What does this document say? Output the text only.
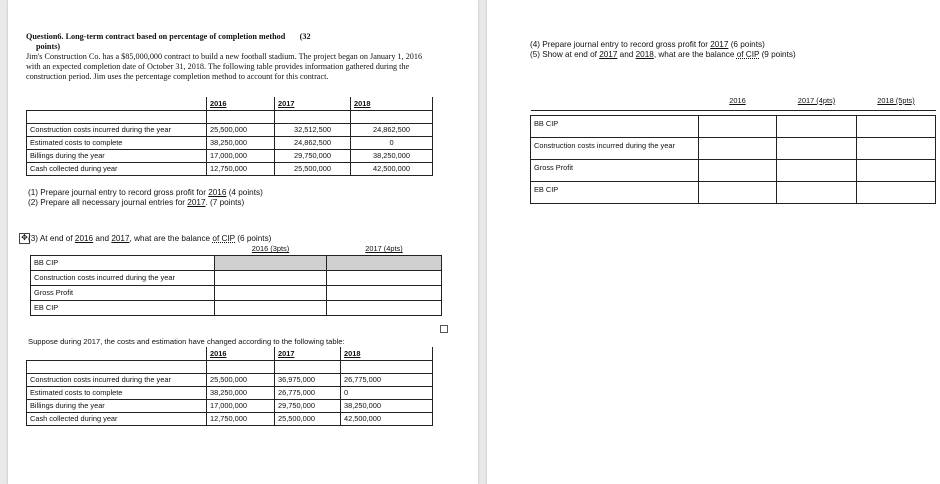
Question6. Long-term contract based on percentage of completion method (32
points)
Jim's Construction Co. has a $85,000,000 contract to build a new football stadium. The project began on January 1, 2016 with an expected completion date of October 31, 2018. The following table provides information gathered during the construction period. Jim uses the percentage completion method to account for this contract.
	2016	2017	2018

Construction costs incurred during the year	25,500,000	32,512,500	24,862,500
Estimated costs to complete	38,250,000	24,862,500	0
Billings during the year	17,000,000	29,750,000	38,250,000
Cash collected during year	12,750,000	25,500,000	42,500,000
(1) Prepare journal entry to record gross profit for 2016 (4 points)
(2) Prepare all necessary journal entries for 2017. (7 points)
✥ (3) At end of 2016 and 2017, what are the balance of CIP (6 points)
	2016 (3pts)	2017 (4pts)
BB CIP		
Construction costs incurred during the year		
Gross Profit		
EB CIP		
Suppose during 2017, the costs and estimation have changed according to the following table:
	2016	2017	2018

Construction costs incurred during the year	25,500,000	36,975,000	26,775,000
Estimated costs to complete	38,250,000	26,775,000	0
Billings during the year	17,000,000	29,750,000	38,250,000
Cash collected during year	12,750,000	25,500,000	42,500,000
(4) Prepare journal entry to record gross profit for 2017 (6 points)
(5) Show at end of 2017 and 2018, what are the balance of CIP (9 points)
	2016	2017 (4pts)	2018 (5pts)

BB CIP			
Construction costs incurred during the year			
Gross Profit			
EB CIP			
